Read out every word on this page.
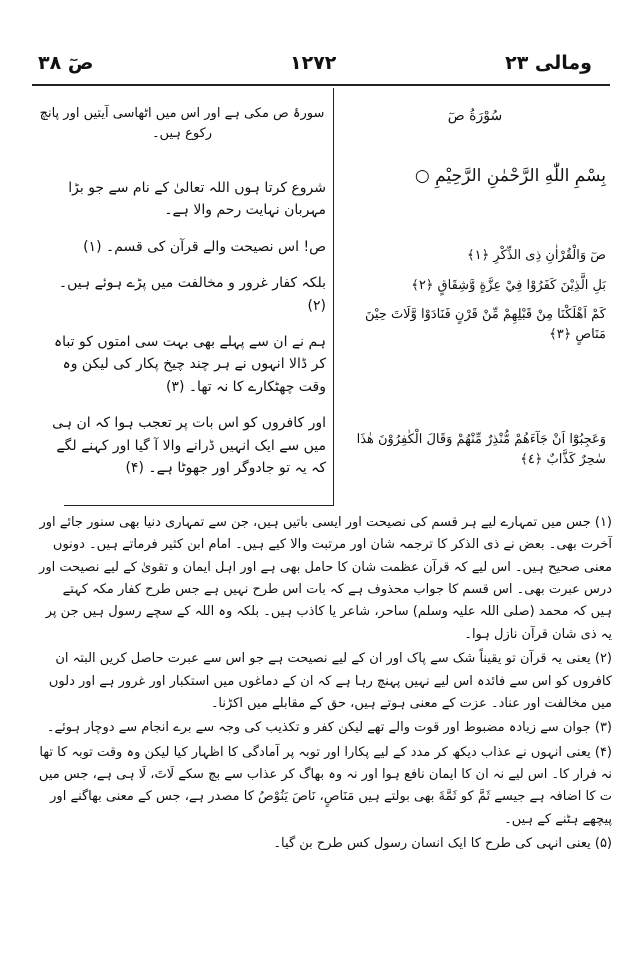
ومالی ۲۳
۱۲۷۲
صٓ ۳۸
سُوْرَةُ صٓ
بِسْمِ اللّٰهِ الرَّحْمٰنِ الرَّحِيْمِ ○
صٓ وَالْقُرْاٰنِ ذِی الذِّكْرِ ﴿١﴾
بَلِ الَّذِيْنَ كَفَرُوْا فِيْ عِزَّةٍ وَّشِقَاقٍ ﴿٢﴾
كَمْ اَهْلَكْنَا مِنْ قَبْلِهِمْ مِّنْ قَرْنٍ فَنَادَوْا وَّلَاتَ حِيْنَ مَنَاصٍ ﴿٣﴾
وَعَجِبُوْٓا اَنْ جَآءَهُمْ مُّنْذِرٌ مِّنْهُمْ وَقَالَ الْكٰفِرُوْنَ هٰذَا سٰحِرٌ كَذَّابٌ ﴿٤﴾
سورۂ ص مکی ہے اور اس میں اٹھاسی آیتیں اور پانچ رکوع ہیں۔

شروع کرتا ہوں اللہ تعالیٰ کے نام سے جو بڑا مہربان نہایت رحم والا ہے۔

ص! اس نصیحت والے قرآن کی قسم۔ (۱)

بلکہ کفار غرور و مخالفت میں پڑے ہوئے ہیں۔ (۲)

ہم نے ان سے پہلے بھی بہت سی امتوں کو تباہ کر ڈالا انہوں نے ہر چند چیخ پکار کی لیکن وہ وقت چھٹکارے کا نہ تھا۔ (۳)

اور کافروں کو اس بات پر تعجب ہوا کہ ان ہی میں سے ایک انہیں ڈرانے والا آ گیا اور کہنے لگے کہ یہ تو جادوگر اور جھوٹا ہے۔ (۴)

(۱) جس میں تمہارے لیے ہر قسم کی نصیحت اور ایسی باتیں ہیں، جن سے تمہاری دنیا بھی سنور جائے اور آخرت بھی۔ بعض نے ذی الذکر کا ترجمہ شان اور مرتبت والا کیے ہیں۔ امام ابن کثیر فرماتے ہیں۔ دونوں معنی صحیح ہیں۔ اس لیے کہ قرآن عظمت شان کا حامل بھی ہے اور اہل ایمان و تقویٰ کے لیے نصیحت اور درس عبرت بھی۔ اس قسم کا جواب محذوف ہے کہ بات اس طرح نہیں ہے جس طرح کفار مکہ کہتے ہیں کہ محمد (صلی اللہ علیہ وسلم) ساحر، شاعر یا کاذب ہیں۔ بلکہ وہ اللہ کے سچے رسول ہیں جن پر یہ ذی شان قرآن نازل ہوا۔

(۲) یعنی یہ قرآن تو یقیناً شک سے پاک اور ان کے لیے نصیحت ہے جو اس سے عبرت حاصل کریں البتہ ان کافروں کو اس سے فائدہ اس لیے نہیں پہنچ رہا ہے کہ ان کے دماغوں میں استکبار اور غرور ہے اور دلوں میں مخالفت اور عناد۔ عزت کے معنی ہوتے ہیں، حق کے مقابلے میں اکڑنا۔

(۳) جوان سے زیادہ مضبوط اور قوت والے تھے لیکن کفر و تکذیب کی وجہ سے برے انجام سے دوچار ہوئے۔

(۴) یعنی انہوں نے عذاب دیکھ کر مدد کے لیے پکارا اور توبہ پر آمادگی کا اظہار کیا لیکن وہ وقت توبہ کا تھا نہ فرار کا۔ اس لیے نہ ان کا ایمان نافع ہوا اور نہ وہ بھاگ کر عذاب سے بچ سکے لَاتَ، لَا ہی ہے، جس میں ت کا اضافہ ہے جیسے ثَمَّ کو ثَمَّةَ بھی بولتے ہیں مَنَاصٍ، نَاصَ يَنُوْصُ کا مصدر ہے، جس کے معنی بھاگنے اور پیچھے ہٹنے کے ہیں۔

(۵) یعنی انہی کی طرح کا ایک انسان رسول کس طرح بن گیا۔
